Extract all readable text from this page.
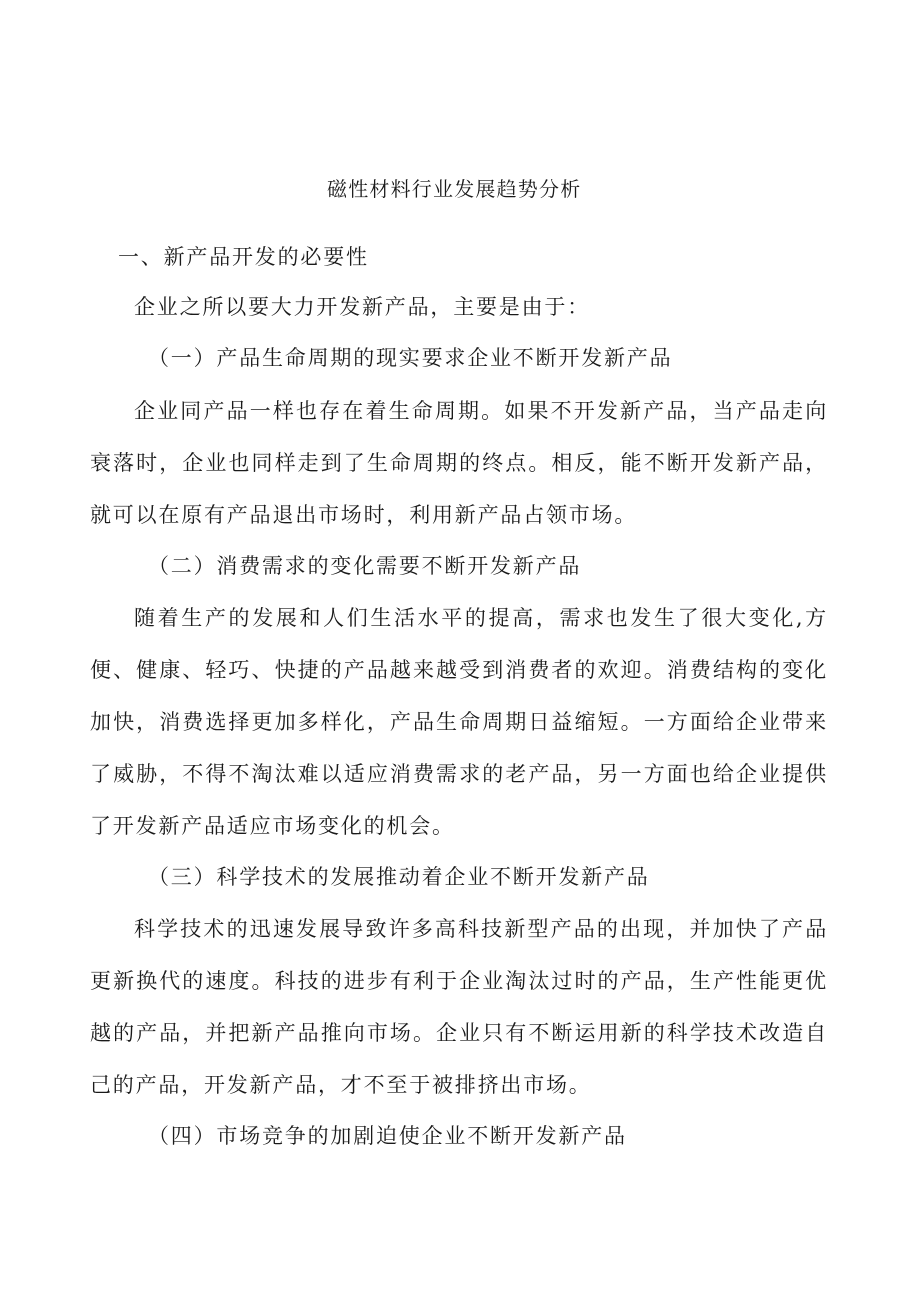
磁性材料行业发展趋势分析
一、新产品开发的必要性
企业之所以要大力开发新产品，主要是由于：
（一）产品生命周期的现实要求企业不断开发新产品
企业同产品一样也存在着生命周期。如果不开发新产品，当产品走向
衰落时，企业也同样走到了生命周期的终点。相反，能不断开发新产品，
就可以在原有产品退出市场时，利用新产品占领市场。
（二）消费需求的变化需要不断开发新产品
随着生产的发展和人们生活水平的提高，需求也发生了很大变化,方
便、健康、轻巧、快捷的产品越来越受到消费者的欢迎。消费结构的变化
加快，消费选择更加多样化，产品生命周期日益缩短。一方面给企业带来
了威胁，不得不淘汰难以适应消费需求的老产品，另一方面也给企业提供
了开发新产品适应市场变化的机会。
（三）科学技术的发展推动着企业不断开发新产品
科学技术的迅速发展导致许多高科技新型产品的出现，并加快了产品
更新换代的速度。科技的进步有利于企业淘汰过时的产品，生产性能更优
越的产品，并把新产品推向市场。企业只有不断运用新的科学技术改造自
己的产品，开发新产品，才不至于被排挤出市场。
（四）市场竞争的加剧迫使企业不断开发新产品
